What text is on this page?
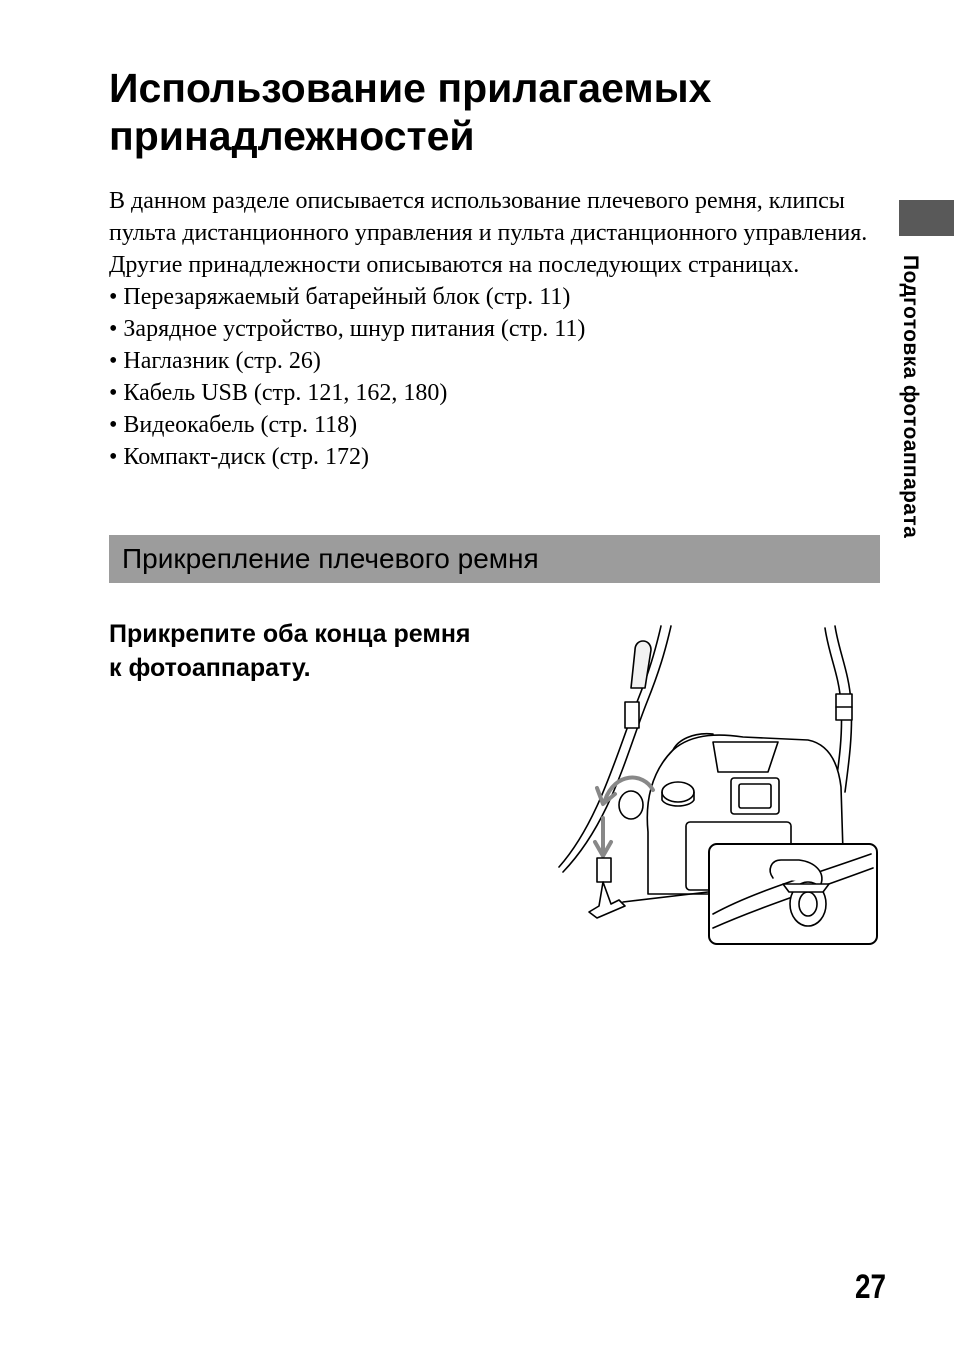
Использование прилагаемых
принадлежностей
Подготовка фотоаппарата

В данном разделе описывается использование плечевого ремня, клипсы пульта дистанционного управления и пульта дистанционного управления. Другие принадлежности описываются на последующих страницах.

• Перезаряжаемый батарейный блок (стр. 11)
• Зарядное устройство, шнур питания (стр. 11)
• Наглазник (стр. 26)
• Кабель USB (стр. 121, 162, 180)
• Видеокабель (стр. 118)
• Компакт-диск (стр. 172)
Прикрепление плечевого ремня
Прикрепите оба конца ремня
к фотоаппарату.
27
